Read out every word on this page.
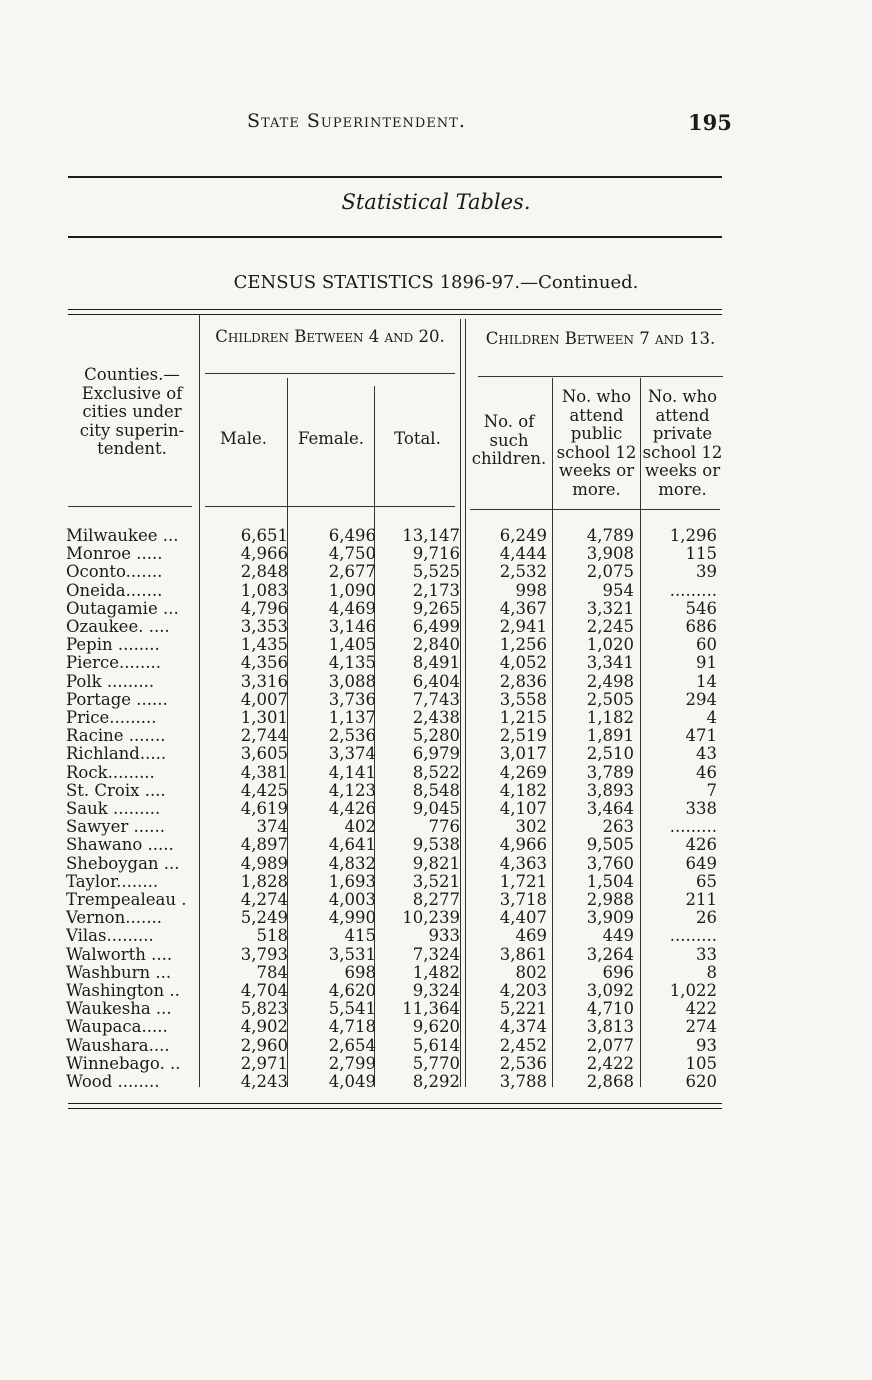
State Superintendent.	195
Statistical Tables.
CENSUS STATISTICS 1896-97.—Continued.
Counties.— Exclusive of cities under city superin- tendent.
Children Between 4 and 20.
Male.	Female.	Total.
Children Between 7 and 13.
No. of such children.
No. who attend public school 12 weeks or more.
No. who attend private school 12 weeks or more.
Milwaukee ...	6,651	6,496	13,147	6,249	4,789	1,296
Monroe .....	4,966	4,750	9,716	4,444	3,908	115
Oconto.......	2,848	2,677	5,525	2,532	2,075	39
Oneida.......	1,083	1,090	2,173	998	954	.........
Outagamie ...	4,796	4,469	9,265	4,367	3,321	546
Ozaukee. ....	3,353	3,146	6,499	2,941	2,245	686
Pepin ........	1,435	1,405	2,840	1,256	1,020	60
Pierce........	4,356	4,135	8,491	4,052	3,341	91
Polk .........	3,316	3,088	6,404	2,836	2,498	14
Portage ......	4,007	3,736	7,743	3,558	2,505	294
Price.........	1,301	1,137	2,438	1,215	1,182	4
Racine .......	2,744	2,536	5,280	2,519	1,891	471
Richland.....	3,605	3,374	6,979	3,017	2,510	43
Rock.........	4,381	4,141	8,522	4,269	3,789	46
St. Croix ....	4,425	4,123	8,548	4,182	3,893	7
Sauk .........	4,619	4,426	9,045	4,107	3,464	338
Sawyer ......	374	402	776	302	263	.........
Shawano .....	4,897	4,641	9,538	4,966	9,505	426
Sheboygan ...	4,989	4,832	9,821	4,363	3,760	649
Taylor........	1,828	1,693	3,521	1,721	1,504	65
Trempealeau .	4,274	4,003	8,277	3,718	2,988	211
Vernon.......	5,249	4,990	10,239	4,407	3,909	26
Vilas.........	518	415	933	469	449	.........
Walworth ....	3,793	3,531	7,324	3,861	3,264	33
Washburn ...	784	698	1,482	802	696	8
Washington ..	4,704	4,620	9,324	4,203	3,092	1,022
Waukesha ...	5,823	5,541	11,364	5,221	4,710	422
Waupaca.....	4,902	4,718	9,620	4,374	3,813	274
Waushara....	2,960	2,654	5,614	2,452	2,077	93
Winnebago. ..	2,971	2,799	5,770	2,536	2,422	105
Wood ........	4,243	4,049	8,292	3,788	2,868	620
